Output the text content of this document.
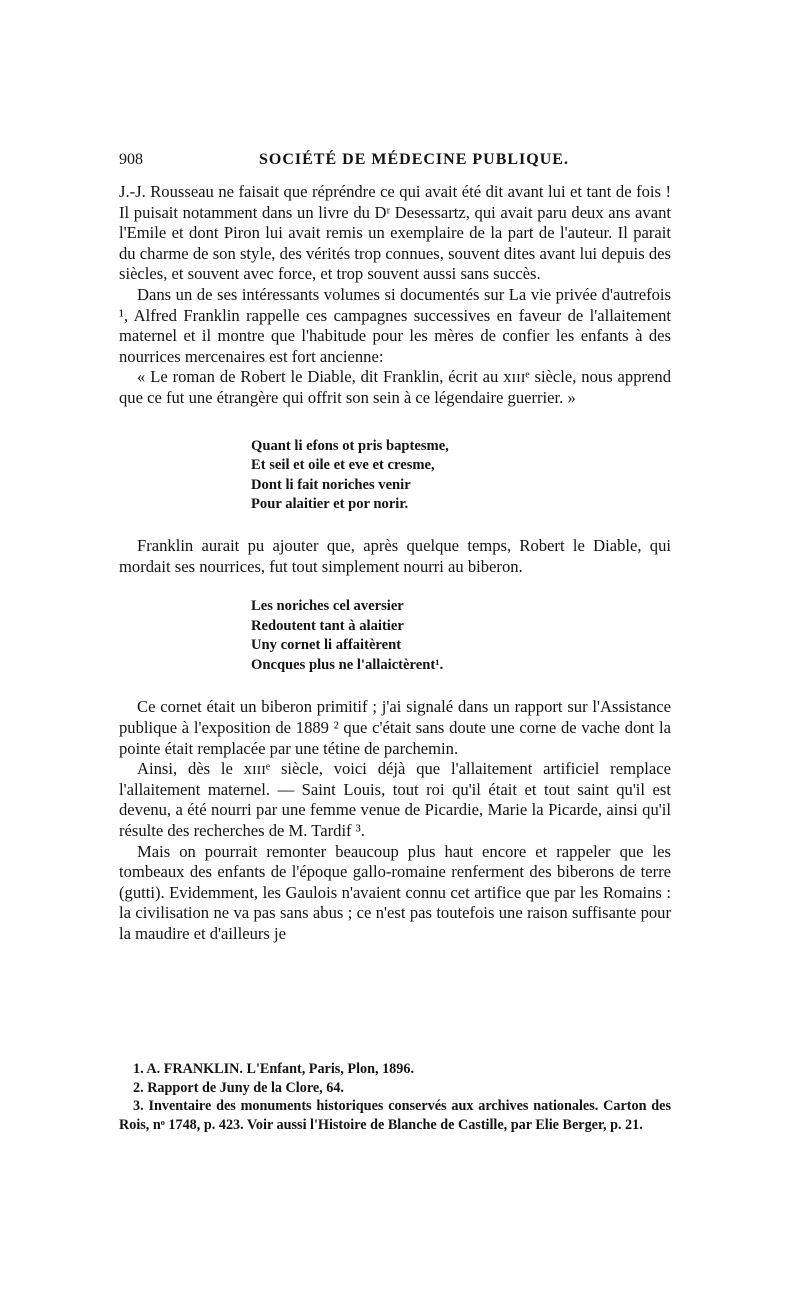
908	SOCIÉTÉ DE MÉDECINE PUBLIQUE.

J.-J. Rousseau ne faisait que répréndre ce qui avait été dit avant lui et tant de fois ! Il puisait notamment dans un livre du Dʳ Desessartz, qui avait paru deux ans avant l'Emile et dont Piron lui avait remis un exemplaire de la part de l'auteur. Il parait du charme de son style, des vérités trop connues, souvent dites avant lui depuis des siècles, et souvent avec force, et trop souvent aussi sans succès.

Dans un de ses intéressants volumes si documentés sur La vie privée d'autrefois ¹, Alfred Franklin rappelle ces campagnes successives en faveur de l'allaitement maternel et il montre que l'habitude pour les mères de confier les enfants à des nourrices mercenaires est fort ancienne:

« Le roman de Robert le Diable, dit Franklin, écrit au xɪɪɪᵉ siècle, nous apprend que ce fut une étrangère qui offrit son sein à ce légendaire guerrier. »

Quant li efons ot pris baptesme,
Et seil et oile et eve et cresme,
Dont li fait noriches venir
Pour alaitier et por norir.

Franklin aurait pu ajouter que, après quelque temps, Robert le Diable, qui mordait ses nourrices, fut tout simplement nourri au biberon.

Les noriches cel aversier
Redoutent tant à alaitier
Uny cornet li affaitèrent
Oncques plus ne l'allaictèrent¹.

Ce cornet était un biberon primitif ; j'ai signalé dans un rapport sur l'Assistance publique à l'exposition de 1889 ² que c'était sans doute une corne de vache dont la pointe était remplacée par une tétine de parchemin.

Ainsi, dès le xɪɪɪᵉ siècle, voici déjà que l'allaitement artificiel remplace l'allaitement maternel. — Saint Louis, tout roi qu'il était et tout saint qu'il est devenu, a été nourri par une femme venue de Picardie, Marie la Picarde, ainsi qu'il résulte des recherches de M. Tardif ³.

Mais on pourrait remonter beaucoup plus haut encore et rappeler que les tombeaux des enfants de l'époque gallo-romaine renferment des biberons de terre (gutti). Evidemment, les Gaulois n'avaient connu cet artifice que par les Romains : la civilisation ne va pas sans abus ; ce n'est pas toutefois une raison suffisante pour la maudire et d'ailleurs je

1. A. FRANKLIN. L'Enfant, Paris, Plon, 1896.

2. Rapport de Juny de la Clore, 64.

3. Inventaire des monuments historiques conservés aux archives nationales. Carton des Rois, nᵒ 1748, p. 423. Voir aussi l'Histoire de Blanche de Castille, par Elie Berger, p. 21.
